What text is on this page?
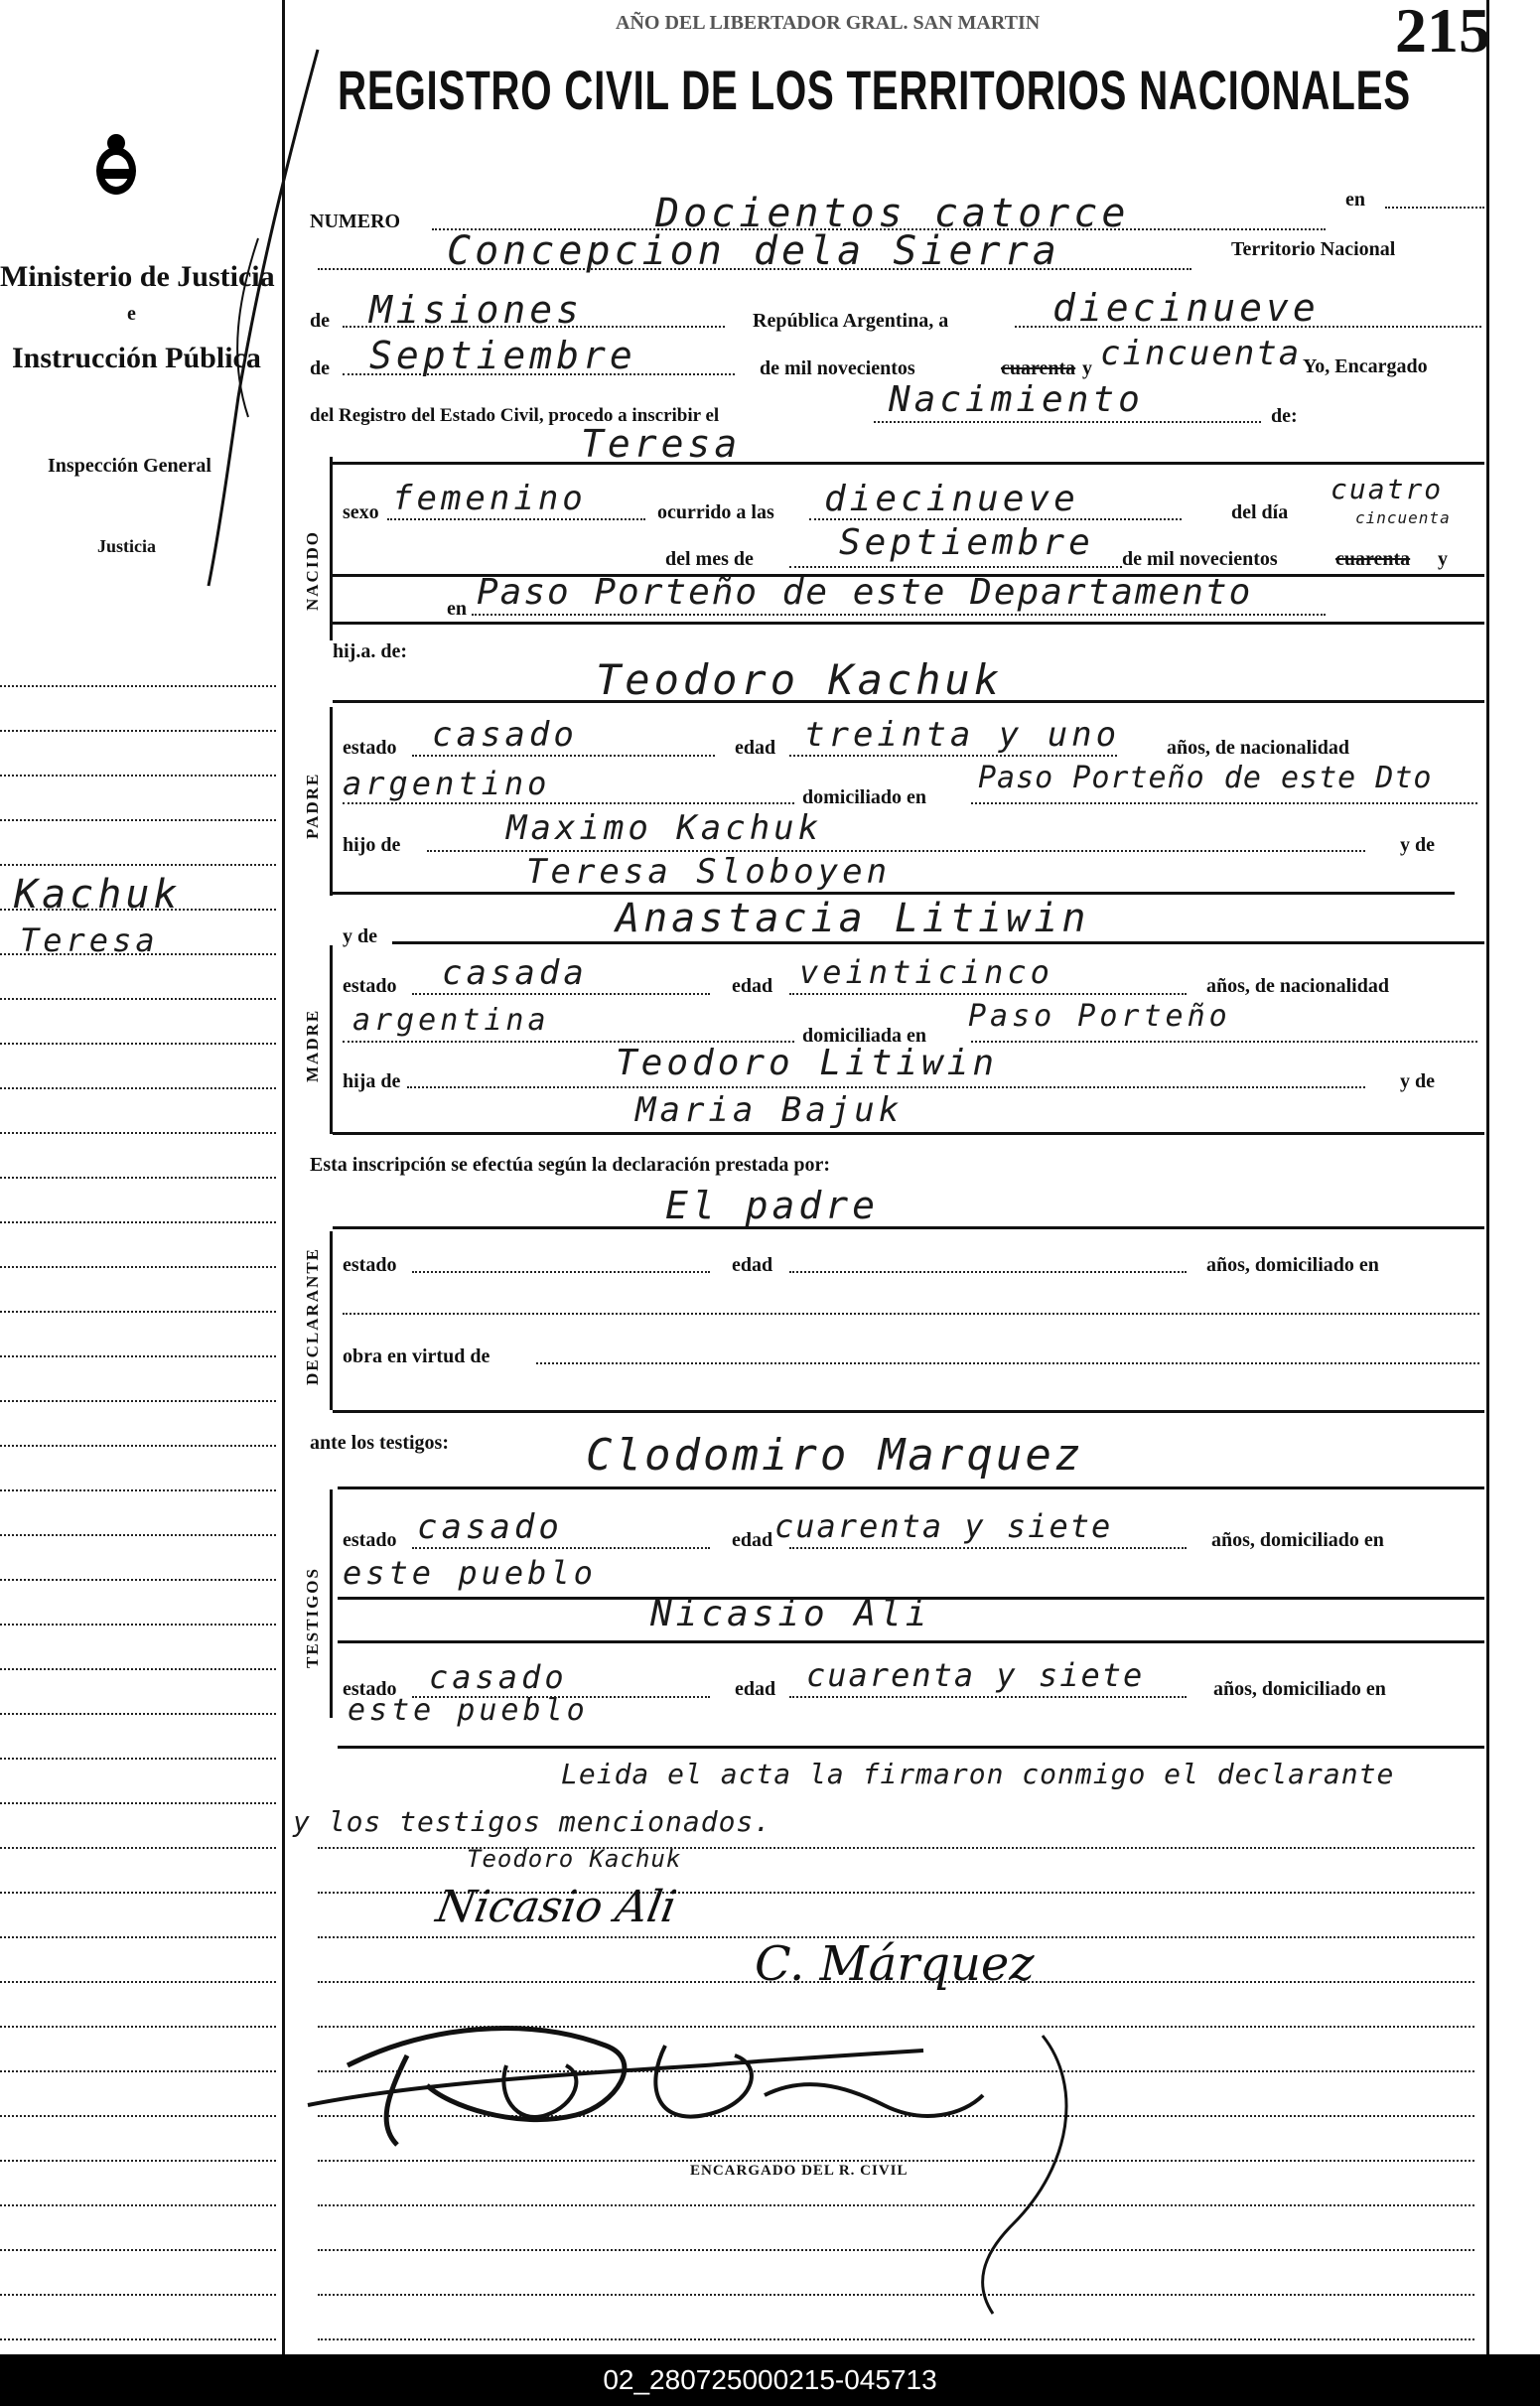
AÑO DEL LIBERTADOR GRAL. SAN MARTIN	215
REGISTRO CIVIL DE LOS TERRITORIOS NACIONALES
Ministerio de Justicia
e
Instrucción Pública
Inspección General
Justicia
Kachuk
Teresa
NUMERO	Docientos catorce	en
Concepcion dela Sierra	Territorio Nacional
de Misiones	República Argentina, a	diecinueve
de Septiembre	de mil novecientos	cuarenta y cincuenta Yo, Encargado
del Registro del Estado Civil, procedo a inscribir el	Nacimiento	de:
NACIDO
Teresa
sexo femenino	ocurrido a las diecinueve	del día
cuatro
cincuenta
del mes de Septiembre de mil novecientos	cuarenta y
en Paso Porteño de este Departamento
hij.a. de:
Teodoro Kachuk
PADRE
estado casado	edad treinta y uno años, de nacionalidad
argentino	domiciliado en
Paso Porteño de este Dto
hijo de	Maximo Kachuk	y de
Teresa Sloboyen
y de	Anastacia Litiwin
MADRE
estado casada	edad veinticinco	años, de nacionalidad
argentina	domiciliada en
Paso Porteño
hija de	Teodoro Litiwin	y de
Maria Bajuk
Esta inscripción se efectúa según la declaración prestada por:
El padre
DECLARANTE estado	edad	años, domiciliado en
obra en virtud de
ante los testigos:	Clodomiro Marquez
TESTIGOS
estado casado	edad cuarenta y siete	años, domiciliado en
este pueblo
Nicasio Ali
estado casado	edad cuarenta y siete	años, domiciliado en
este pueblo
Leida el acta la firmaron conmigo el declarante
y los testigos mencionados.
Teodoro Kachuk
Nicasio Ali
C. Márquez
ENCARGADO DEL R. CIVIL
02_280725000215-045713
